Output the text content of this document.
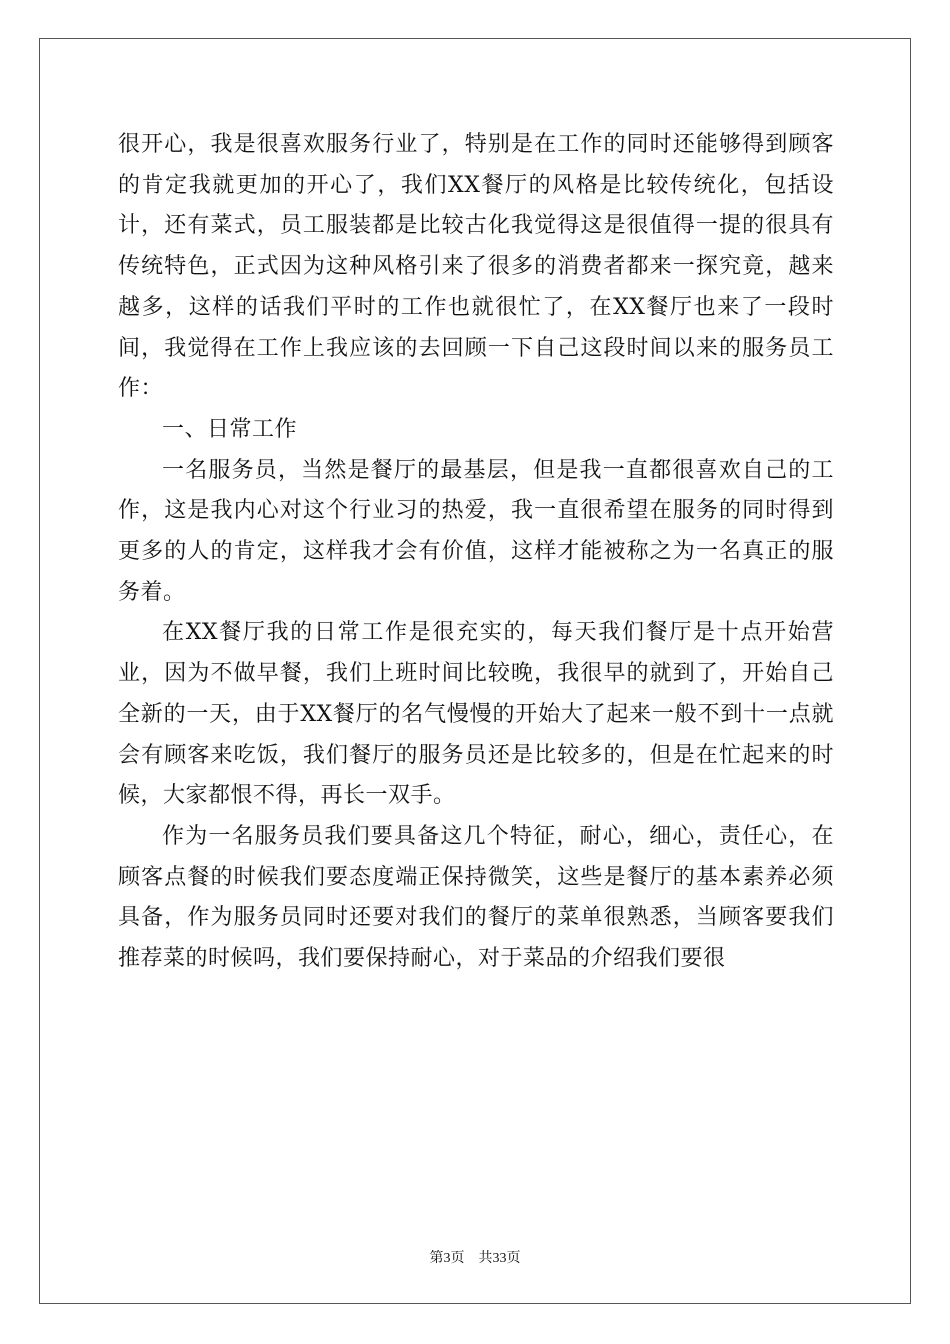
很开心，我是很喜欢服务行业了，特别是在工作的同时还能够得到顾客的肯定我就更加的开心了，我们XX餐厅的风格是比较传统化，包括设计，还有菜式，员工服装都是比较古化我觉得这是很值得一提的很具有传统特色，正式因为这种风格引来了很多的消费者都来一探究竟，越来越多，这样的话我们平时的工作也就很忙了，在XX餐厅也来了一段时间，我觉得在工作上我应该的去回顾一下自己这段时间以来的服务员工作：

一、日常工作

一名服务员，当然是餐厅的最基层，但是我一直都很喜欢自己的工作，这是我内心对这个行业习的热爱，我一直很希望在服务的同时得到更多的人的肯定，这样我才会有价值，这样才能被称之为一名真正的服务着。

在XX餐厅我的日常工作是很充实的，每天我们餐厅是十点开始营业，因为不做早餐，我们上班时间比较晚，我很早的就到了，开始自己全新的一天，由于XX餐厅的名气慢慢的开始大了起来一般不到十一点就会有顾客来吃饭，我们餐厅的服务员还是比较多的，但是在忙起来的时候，大家都恨不得，再长一双手。

作为一名服务员我们要具备这几个特征，耐心，细心，责任心，在顾客点餐的时候我们要态度端正保持微笑，这些是餐厅的基本素养必须具备，作为服务员同时还要对我们的餐厅的菜单很熟悉，当顾客要我们推荐菜的时候吗，我们要保持耐心，对于菜品的介绍我们要很

第3页 共33页
